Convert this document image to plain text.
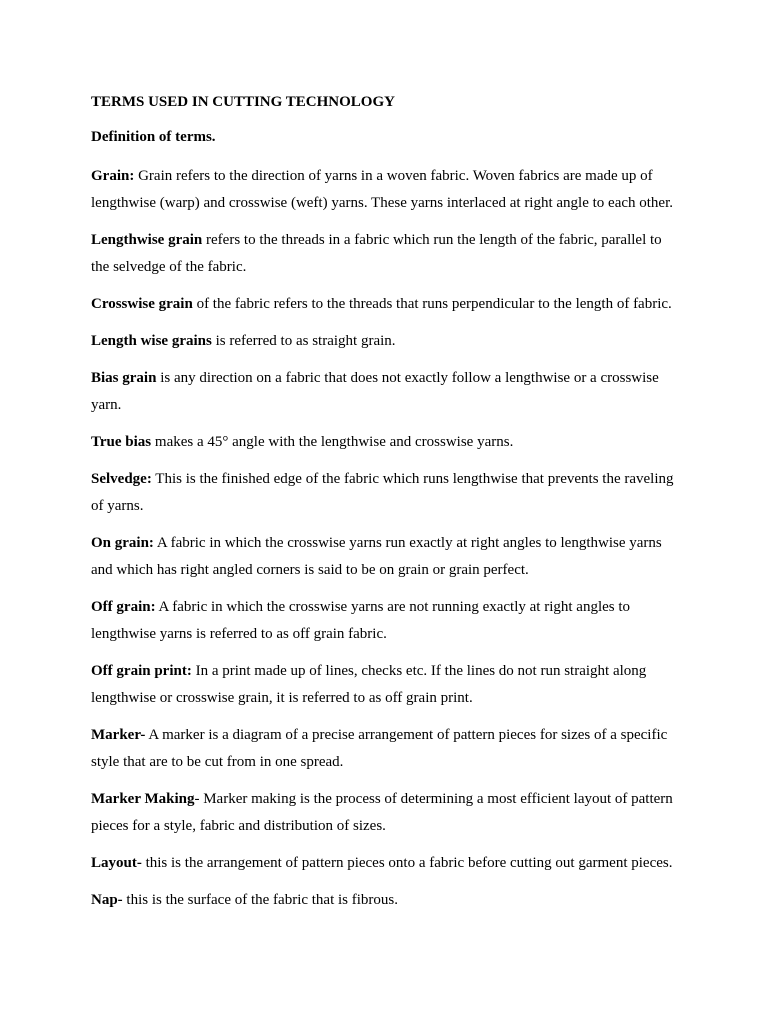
TERMS USED IN CUTTING TECHNOLOGY
Definition of terms.

Grain: Grain refers to the direction of yarns in a woven fabric. Woven fabrics are made up of lengthwise (warp) and crosswise (weft) yarns. These yarns interlaced at right angle to each other.

Lengthwise grain refers to the threads in a fabric which run the length of the fabric, parallel to the selvedge of the fabric.

Crosswise grain of the fabric refers to the threads that runs perpendicular to the length of fabric.

Length wise grains is referred to as straight grain.

Bias grain is any direction on a fabric that does not exactly follow a lengthwise or a crosswise yarn.

True bias makes a 45° angle with the lengthwise and crosswise yarns.

Selvedge: This is the finished edge of the fabric which runs lengthwise that prevents the raveling of yarns.

On grain: A fabric in which the crosswise yarns run exactly at right angles to lengthwise yarns and which has right angled corners is said to be on grain or grain perfect.

Off grain: A fabric in which the crosswise yarns are not running exactly at right angles to lengthwise yarns is referred to as off grain fabric.

Off grain print: In a print made up of lines, checks etc. If the lines do not run straight along lengthwise or crosswise grain, it is referred to as off grain print.

Marker- A marker is a diagram of a precise arrangement of pattern pieces for sizes of a specific style that are to be cut from in one spread.

Marker Making- Marker making is the process of determining a most efficient layout of pattern pieces for a style, fabric and distribution of sizes.

Layout- this is the arrangement of pattern pieces onto a fabric before cutting out garment pieces.

Nap- this is the surface of the fabric that is fibrous.
